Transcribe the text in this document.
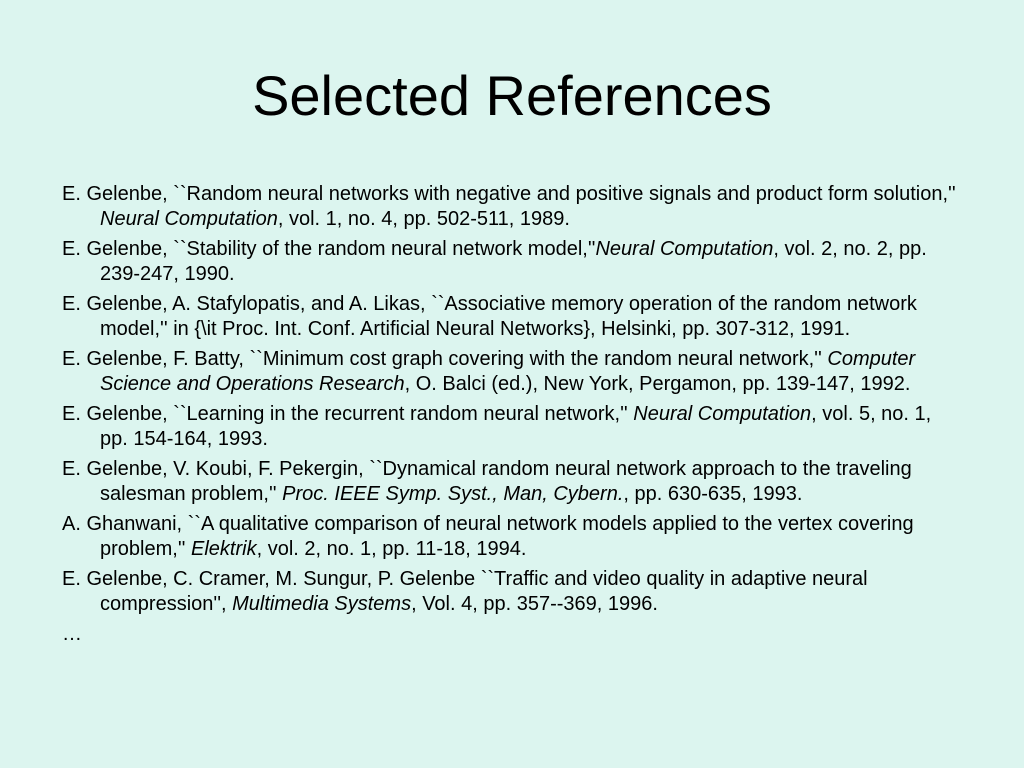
Selected References
E. Gelenbe, ``Random neural networks with negative and positive signals and product form solution,'' Neural Computation, vol. 1, no. 4, pp. 502-511, 1989.
E. Gelenbe, ``Stability of the random neural network model,''Neural Computation, vol. 2, no. 2, pp. 239-247, 1990.
E. Gelenbe, A. Stafylopatis, and A. Likas, ``Associative memory operation of the random network model,'' in {\it Proc. Int. Conf. Artificial Neural Networks}, Helsinki, pp. 307-312, 1991.
E. Gelenbe, F. Batty, ``Minimum cost graph covering with the random neural network,'' Computer Science and Operations Research, O. Balci (ed.), New York, Pergamon, pp. 139-147, 1992.
E. Gelenbe, ``Learning in the recurrent random neural network,'' Neural Computation, vol. 5, no. 1, pp. 154-164, 1993.
E. Gelenbe, V. Koubi, F. Pekergin, ``Dynamical random neural network approach to the traveling salesman problem,'' Proc. IEEE Symp. Syst., Man, Cybern., pp. 630-635, 1993.
A. Ghanwani, ``A qualitative comparison of neural network models applied to the vertex covering problem,'' Elektrik, vol. 2, no. 1, pp. 11-18, 1994.
E. Gelenbe, C. Cramer, M. Sungur, P. Gelenbe ``Traffic and video quality in adaptive neural compression'', Multimedia Systems, Vol. 4, pp. 357--369, 1996.
…
